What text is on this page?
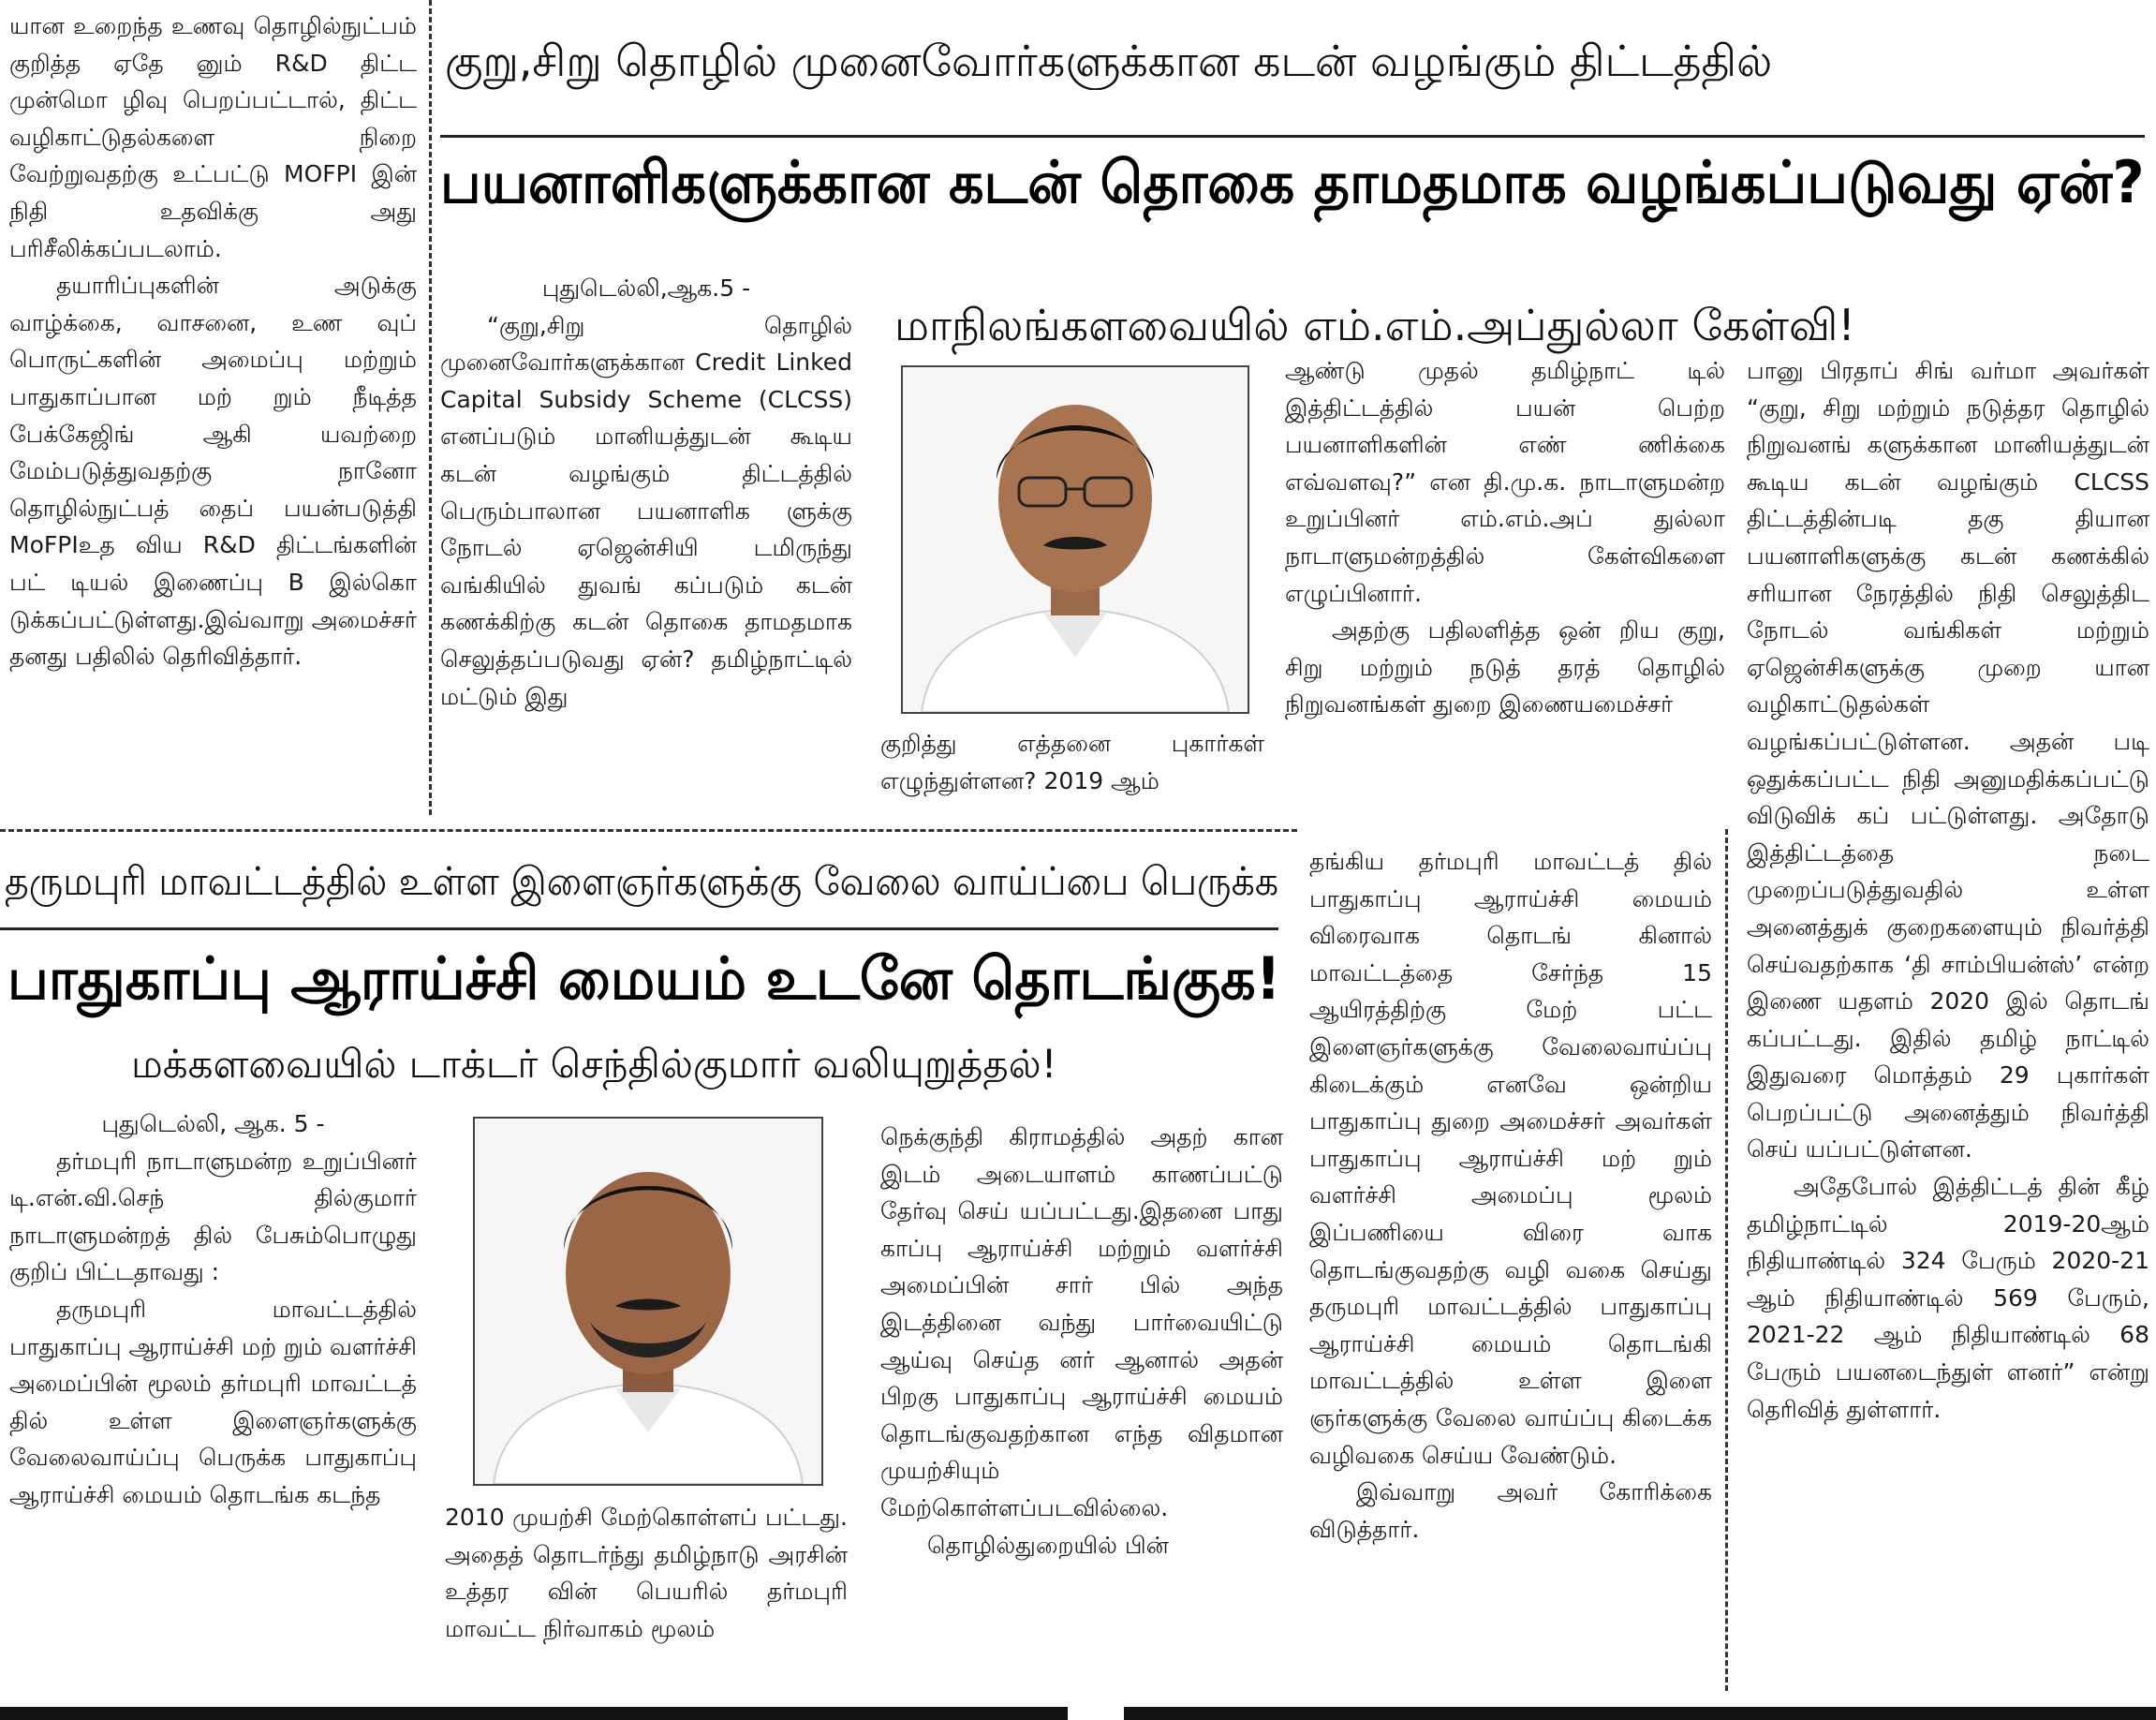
யான உறைந்த உணவு தொழில்நுட்பம் குறித்த ஏதே னும் R&D திட்ட முன்மொ ழிவு பெறப்பட்டால், திட்ட வழிகாட்டுதல்களை நிறை வேற்றுவதற்கு உட்பட்டு MOFPI இன் நிதி உதவிக்கு அது பரிசீலிக்கப்படலாம்.

தயாரிப்புகளின் அடுக்கு வாழ்க்கை, வாசனை, உண வுப் பொருட்களின் அமைப்பு மற்றும் பாதுகாப்பான மற் றும் நீடித்த பேக்கேஜிங் ஆகி யவற்றை மேம்படுத்துவதற்கு நானோ தொழில்நுட்பத் தைப் பயன்படுத்தி MoFPIஉத விய R&D திட்டங்களின் பட் டியல் இணைப்பு B இல்கொ டுக்கப்பட்டுள்ளது.இவ்வாறு அமைச்சர் தனது பதிலில் தெரிவித்தார்.

குறு,சிறு தொழில் முனைவோர்களுக்கான கடன் வழங்கும் திட்டத்தில்
பயனாளிகளுக்கான கடன் தொகை தாமதமாக வழங்கப்படுவது ஏன்?
மாநிலங்களவையில் எம்.எம்.அப்துல்லா கேள்வி!

புதுடெல்லி,ஆக.5 -

“குறு,சிறு தொழில் முனைவோர்களுக்கான Credit Linked Capital Subsidy Scheme (CLCSS) எனப்படும் மானியத்துடன் கூடிய கடன் வழங்கும் திட்டத்தில் பெரும்பாலான பயனாளிக ளுக்கு நோடல் ஏஜென்சியி டமிருந்து வங்கியில் துவங் கப்படும் கடன் கணக்கிற்கு கடன் தொகை தாமதமாக செலுத்தப்படுவது ஏன்? தமிழ்நாட்டில் மட்டும் இது

குறித்து எத்தனை புகார்கள் எழுந்துள்ளன? 2019 ஆம்

ஆண்டு முதல் தமிழ்நாட் டில் இத்திட்டத்தில் பயன் பெற்ற பயனாளிகளின் எண் ணிக்கை எவ்வளவு?” என தி.மு.க. நாடாளுமன்ற உறுப்பினர் எம்.எம்.அப் துல்லா நாடாளுமன்றத்தில் கேள்விகளை எழுப்பினார்.

அதற்கு பதிலளித்த ஒன் றிய குறு, சிறு மற்றும் நடுத் தரத் தொழில் நிறுவனங்கள் துறை இணையமைச்சர்

பானு பிரதாப் சிங் வர்மா அவர்கள் “குறு, சிறு மற்றும் நடுத்தர தொழில் நிறுவனங் களுக்கான மானியத்துடன் கூடிய கடன் வழங்கும் CLCSS திட்டத்தின்படி தகு தியான பயனாளிகளுக்கு கடன் கணக்கில் சரியான நேரத்தில் நிதி செலுத்திட நோடல் வங்கிகள் மற்றும் ஏஜென்சிகளுக்கு முறை யான வழிகாட்டுதல்கள் வழங்கப்பட்டுள்ளன. அதன் படி ஒதுக்கப்பட்ட நிதி அனுமதிக்கப்பட்டு விடுவிக் கப் பட்டுள்ளது. அதோடு இத்திட்டத்தை நடை முறைப்படுத்துவதில் உள்ள அனைத்துக் குறைகளையும் நிவர்த்தி செய்வதற்காக ‘தி சாம்பியன்ஸ்’ என்ற இணை யதளம் 2020 இல் தொடங் கப்பட்டது. இதில் தமிழ் நாட்டில் இதுவரை மொத்தம் 29 புகார்கள் பெறப்பட்டு அனைத்தும் நிவர்த்தி செய் யப்பட்டுள்ளன.

அதேபோல் இத்திட்டத் தின் கீழ் தமிழ்நாட்டில் 2019-20ஆம் நிதியாண்டில் 324 பேரும் 2020-21 ஆம் நிதியாண்டில் 569 பேரும், 2021-22 ஆம் நிதியாண்டில் 68 பேரும் பயனடைந்துள் ளனர்” என்று தெரிவித் துள்ளார்.

தருமபுரி மாவட்டத்தில் உள்ள இளைஞர்களுக்கு வேலை வாய்ப்பை பெருக்க
பாதுகாப்பு ஆராய்ச்சி மையம் உடனே தொடங்குக!
மக்களவையில் டாக்டர் செந்தில்குமார் வலியுறுத்தல்!

புதுடெல்லி, ஆக. 5 -

தர்மபுரி நாடாளுமன்ற உறுப்பினர் டி.என்.வி.செந் தில்குமார் நாடாளுமன்றத் தில் பேசும்பொழுது குறிப் பிட்டதாவது :

தருமபுரி மாவட்டத்தில் பாதுகாப்பு ஆராய்ச்சி மற் றும் வளர்ச்சி அமைப்பின் மூலம் தர்மபுரி மாவட்டத் தில் உள்ள இளைஞர்களுக்கு வேலைவாய்ப்பு பெருக்க பாதுகாப்பு ஆராய்ச்சி மையம் தொடங்க கடந்த

2010 முயற்சி மேற்கொள்ளப் பட்டது. அதைத் தொடர்ந்து தமிழ்நாடு அரசின் உத்தர வின் பெயரில் தர்மபுரி மாவட்ட நிர்வாகம் மூலம்

நெக்குந்தி கிராமத்தில் அதற் கான இடம் அடையாளம் காணப்பட்டு தேர்வு செய் யப்பட்டது.இதனை பாது காப்பு ஆராய்ச்சி மற்றும் வளர்ச்சி அமைப்பின் சார் பில் அந்த இடத்தினை வந்து பார்வையிட்டு ஆய்வு செய்த னர் ஆனால் அதன் பிறகு பாதுகாப்பு ஆராய்ச்சி மையம் தொடங்குவதற்கான எந்த விதமான முயற்சியும் மேற்கொள்ளப்படவில்லை.

தொழில்துறையில் பின்

தங்கிய தர்மபுரி மாவட்டத் தில் பாதுகாப்பு ஆராய்ச்சி மையம் விரைவாக தொடங் கினால் மாவட்டத்தை சேர்ந்த 15 ஆயிரத்திற்கு மேற் பட்ட இளைஞர்களுக்கு வேலைவாய்ப்பு கிடைக்கும் எனவே ஒன்றிய பாதுகாப்பு துறை அமைச்சர் அவர்கள் பாதுகாப்பு ஆராய்ச்சி மற் றும் வளர்ச்சி அமைப்பு மூலம் இப்பணியை விரை வாக தொடங்குவதற்கு வழி வகை செய்து தருமபுரி மாவட்டத்தில் பாதுகாப்பு ஆராய்ச்சி மையம் தொடங்கி மாவட்டத்தில் உள்ள இளை ஞர்களுக்கு வேலை வாய்ப்பு கிடைக்க வழிவகை செய்ய வேண்டும்.

இவ்வாறு அவர் கோரிக்கை விடுத்தார்.
